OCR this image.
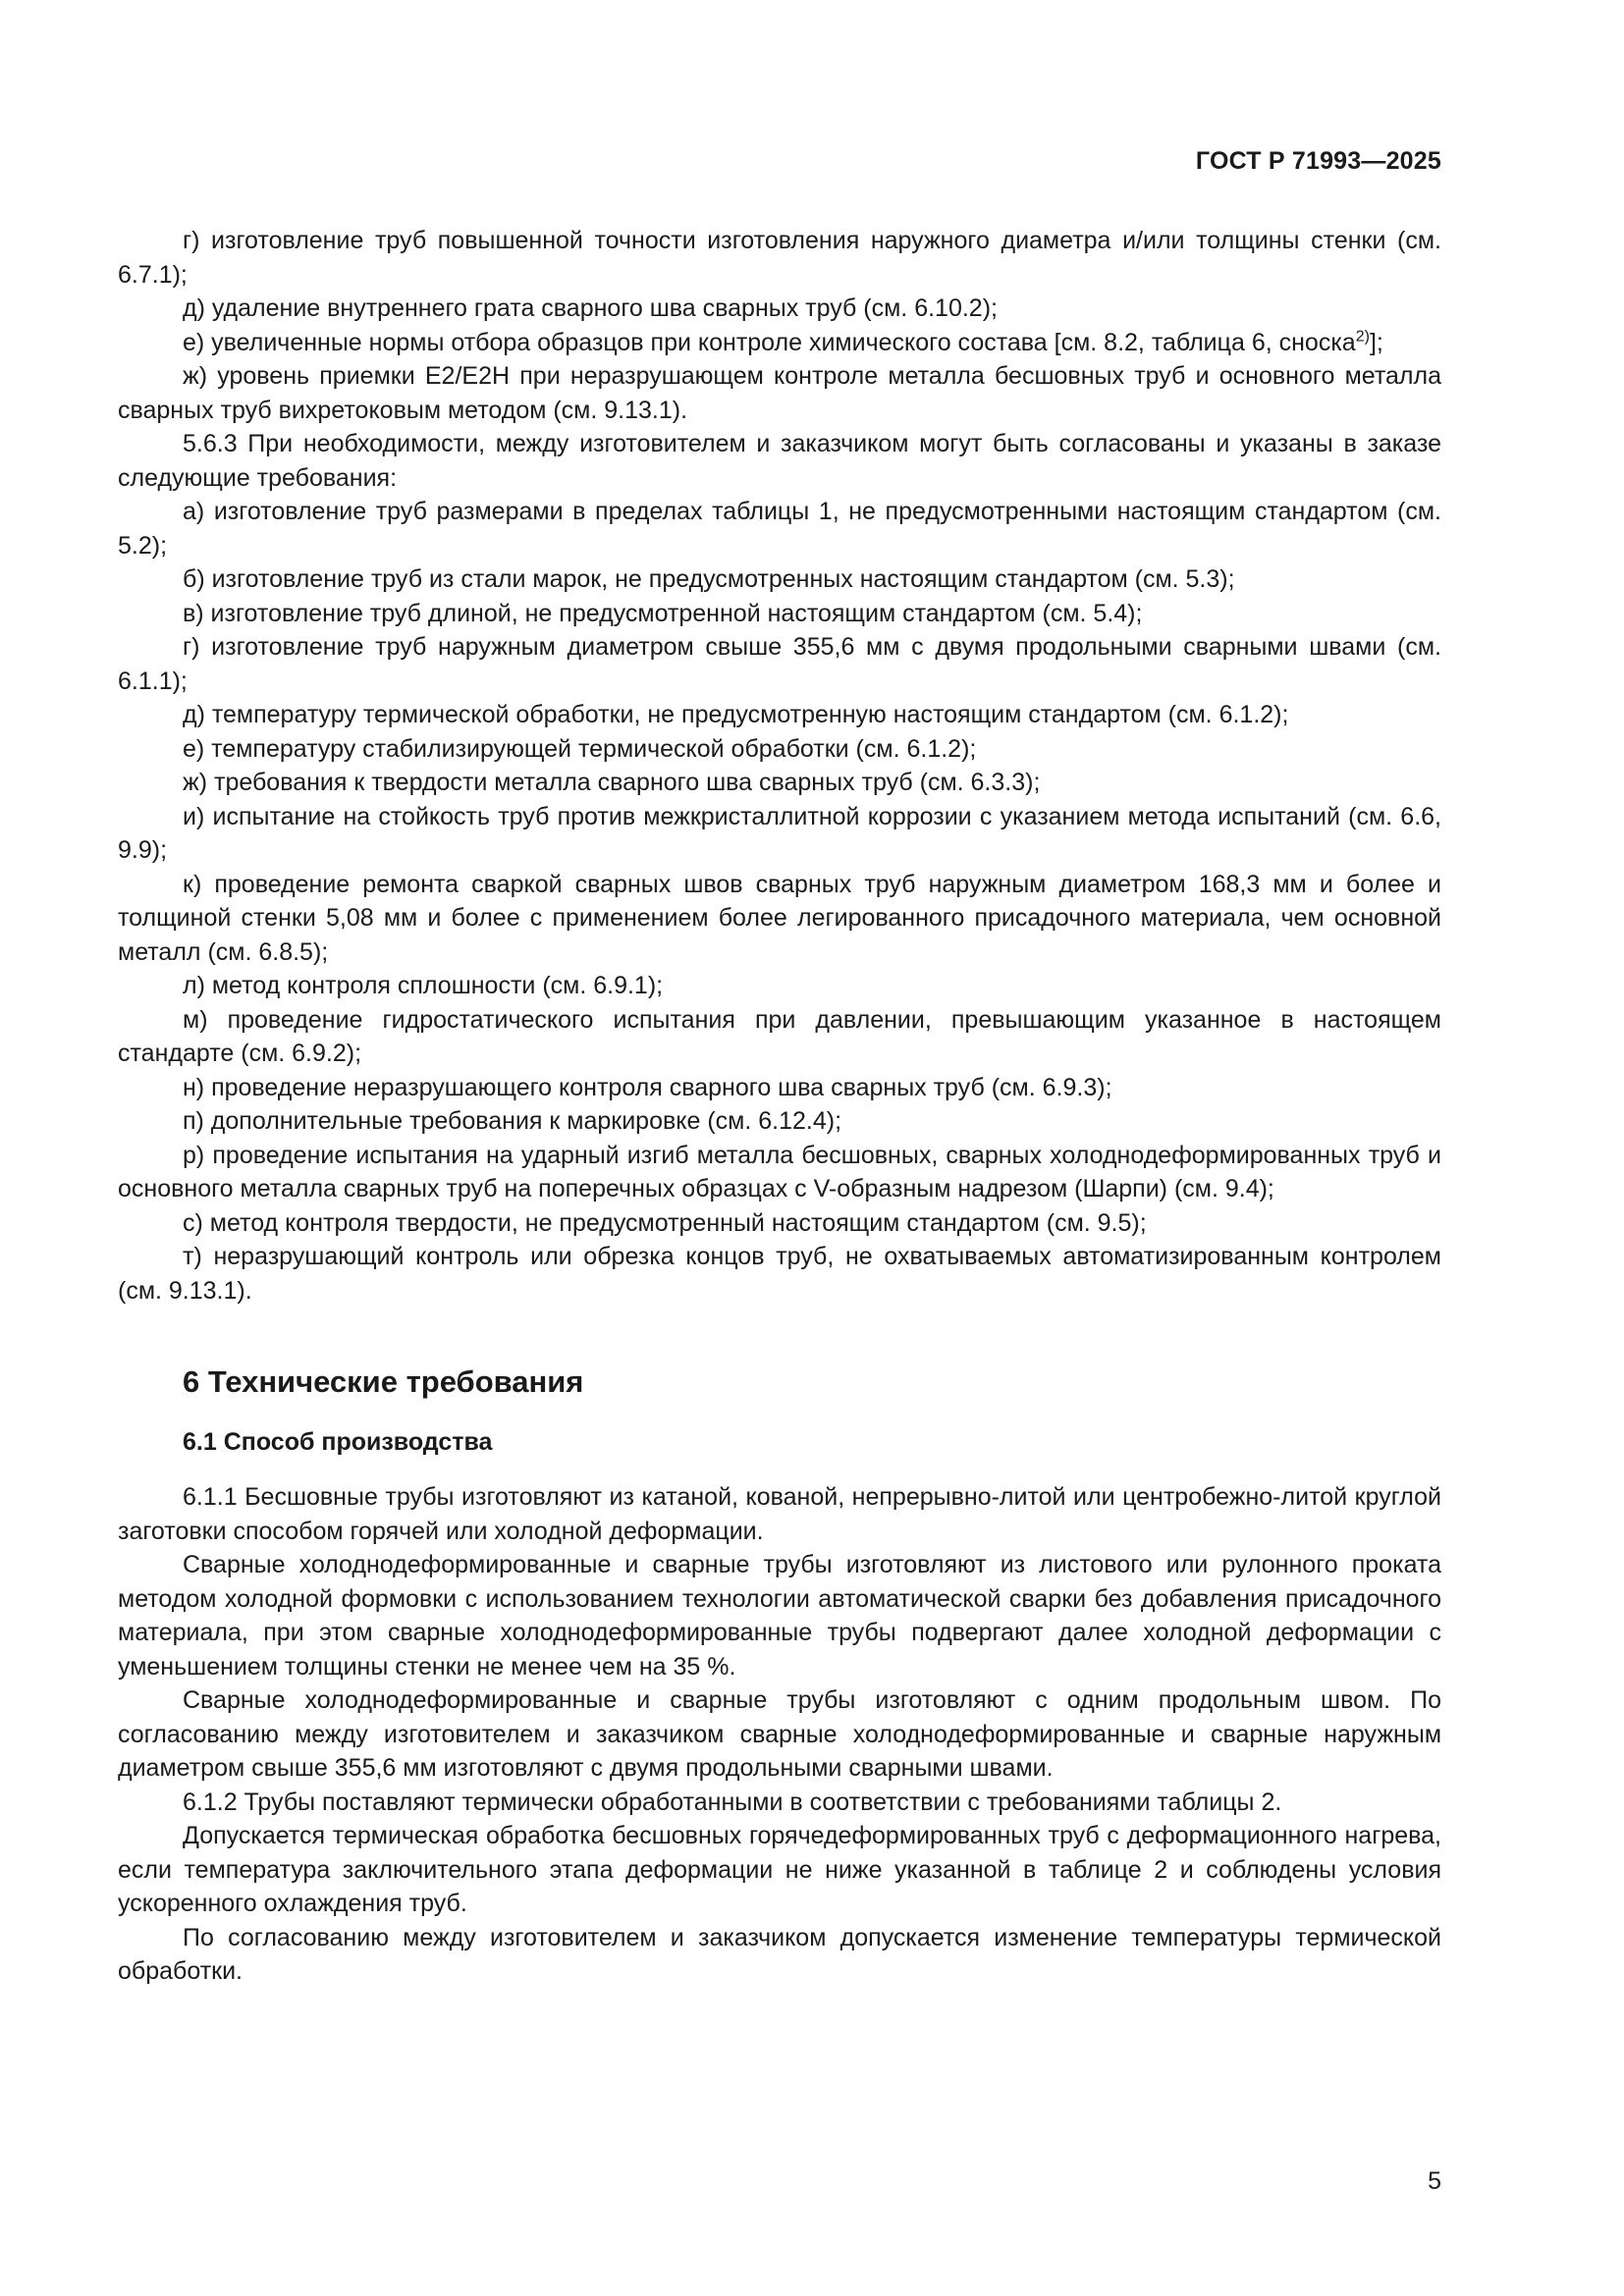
ГОСТ Р 71993—2025

г) изготовление труб повышенной точности изготовления наружного диаметра и/или толщины стенки (см. 6.7.1);

д) удаление внутреннего грата сварного шва сварных труб (см. 6.10.2);

е) увеличенные нормы отбора образцов при контроле химического состава [см. 8.2, таблица 6, сноска$^{2)}$];

ж) уровень приемки E2/E2H при неразрушающем контроле металла бесшовных труб и основного металла сварных труб вихретоковым методом (см. 9.13.1).

5.6.3 При необходимости, между изготовителем и заказчиком могут быть согласованы и указаны в заказе следующие требования:

а) изготовление труб размерами в пределах таблицы 1, не предусмотренными настоящим стандартом (см. 5.2);

б) изготовление труб из стали марок, не предусмотренных настоящим стандартом (см. 5.3);

в) изготовление труб длиной, не предусмотренной настоящим стандартом (см. 5.4);

г) изготовление труб наружным диаметром свыше 355,6 мм с двумя продольными сварными швами (см. 6.1.1);

д) температуру термической обработки, не предусмотренную настоящим стандартом (см. 6.1.2);

е) температуру стабилизирующей термической обработки (см. 6.1.2);

ж) требования к твердости металла сварного шва сварных труб (см. 6.3.3);

и) испытание на стойкость труб против межкристаллитной коррозии с указанием метода испытаний (см. 6.6, 9.9);

к) проведение ремонта сваркой сварных швов сварных труб наружным диаметром 168,3 мм и более и толщиной стенки 5,08 мм и более с применением более легированного присадочного материала, чем основной металл (см. 6.8.5);

л) метод контроля сплошности (см. 6.9.1);

м) проведение гидростатического испытания при давлении, превышающим указанное в настоящем стандарте (см. 6.9.2);

н) проведение неразрушающего контроля сварного шва сварных труб (см. 6.9.3);

п) дополнительные требования к маркировке (см. 6.12.4);

р) проведение испытания на ударный изгиб металла бесшовных, сварных холоднодеформированных труб и основного металла сварных труб на поперечных образцах с V-образным надрезом (Шарпи) (см. 9.4);

с) метод контроля твердости, не предусмотренный настоящим стандартом (см. 9.5);

т) неразрушающий контроль или обрезка концов труб, не охватываемых автоматизированным контролем (см. 9.13.1).

6 Технические требования
6.1 Способ производства

6.1.1 Бесшовные трубы изготовляют из катаной, кованой, непрерывно-литой или центробежно-литой круглой заготовки способом горячей или холодной деформации.

Сварные холоднодеформированные и сварные трубы изготовляют из листового или рулонного проката методом холодной формовки с использованием технологии автоматической сварки без добавления присадочного материала, при этом сварные холоднодеформированные трубы подвергают далее холодной деформации с уменьшением толщины стенки не менее чем на 35 %.

Сварные холоднодеформированные и сварные трубы изготовляют с одним продольным швом. По согласованию между изготовителем и заказчиком сварные холоднодеформированные и сварные наружным диаметром свыше 355,6 мм изготовляют с двумя продольными сварными швами.

6.1.2 Трубы поставляют термически обработанными в соответствии с требованиями таблицы 2.

Допускается термическая обработка бесшовных горячедеформированных труб с деформационного нагрева, если температура заключительного этапа деформации не ниже указанной в таблице 2 и соблюдены условия ускоренного охлаждения труб.

По согласованию между изготовителем и заказчиком допускается изменение температуры термической обработки.

5
